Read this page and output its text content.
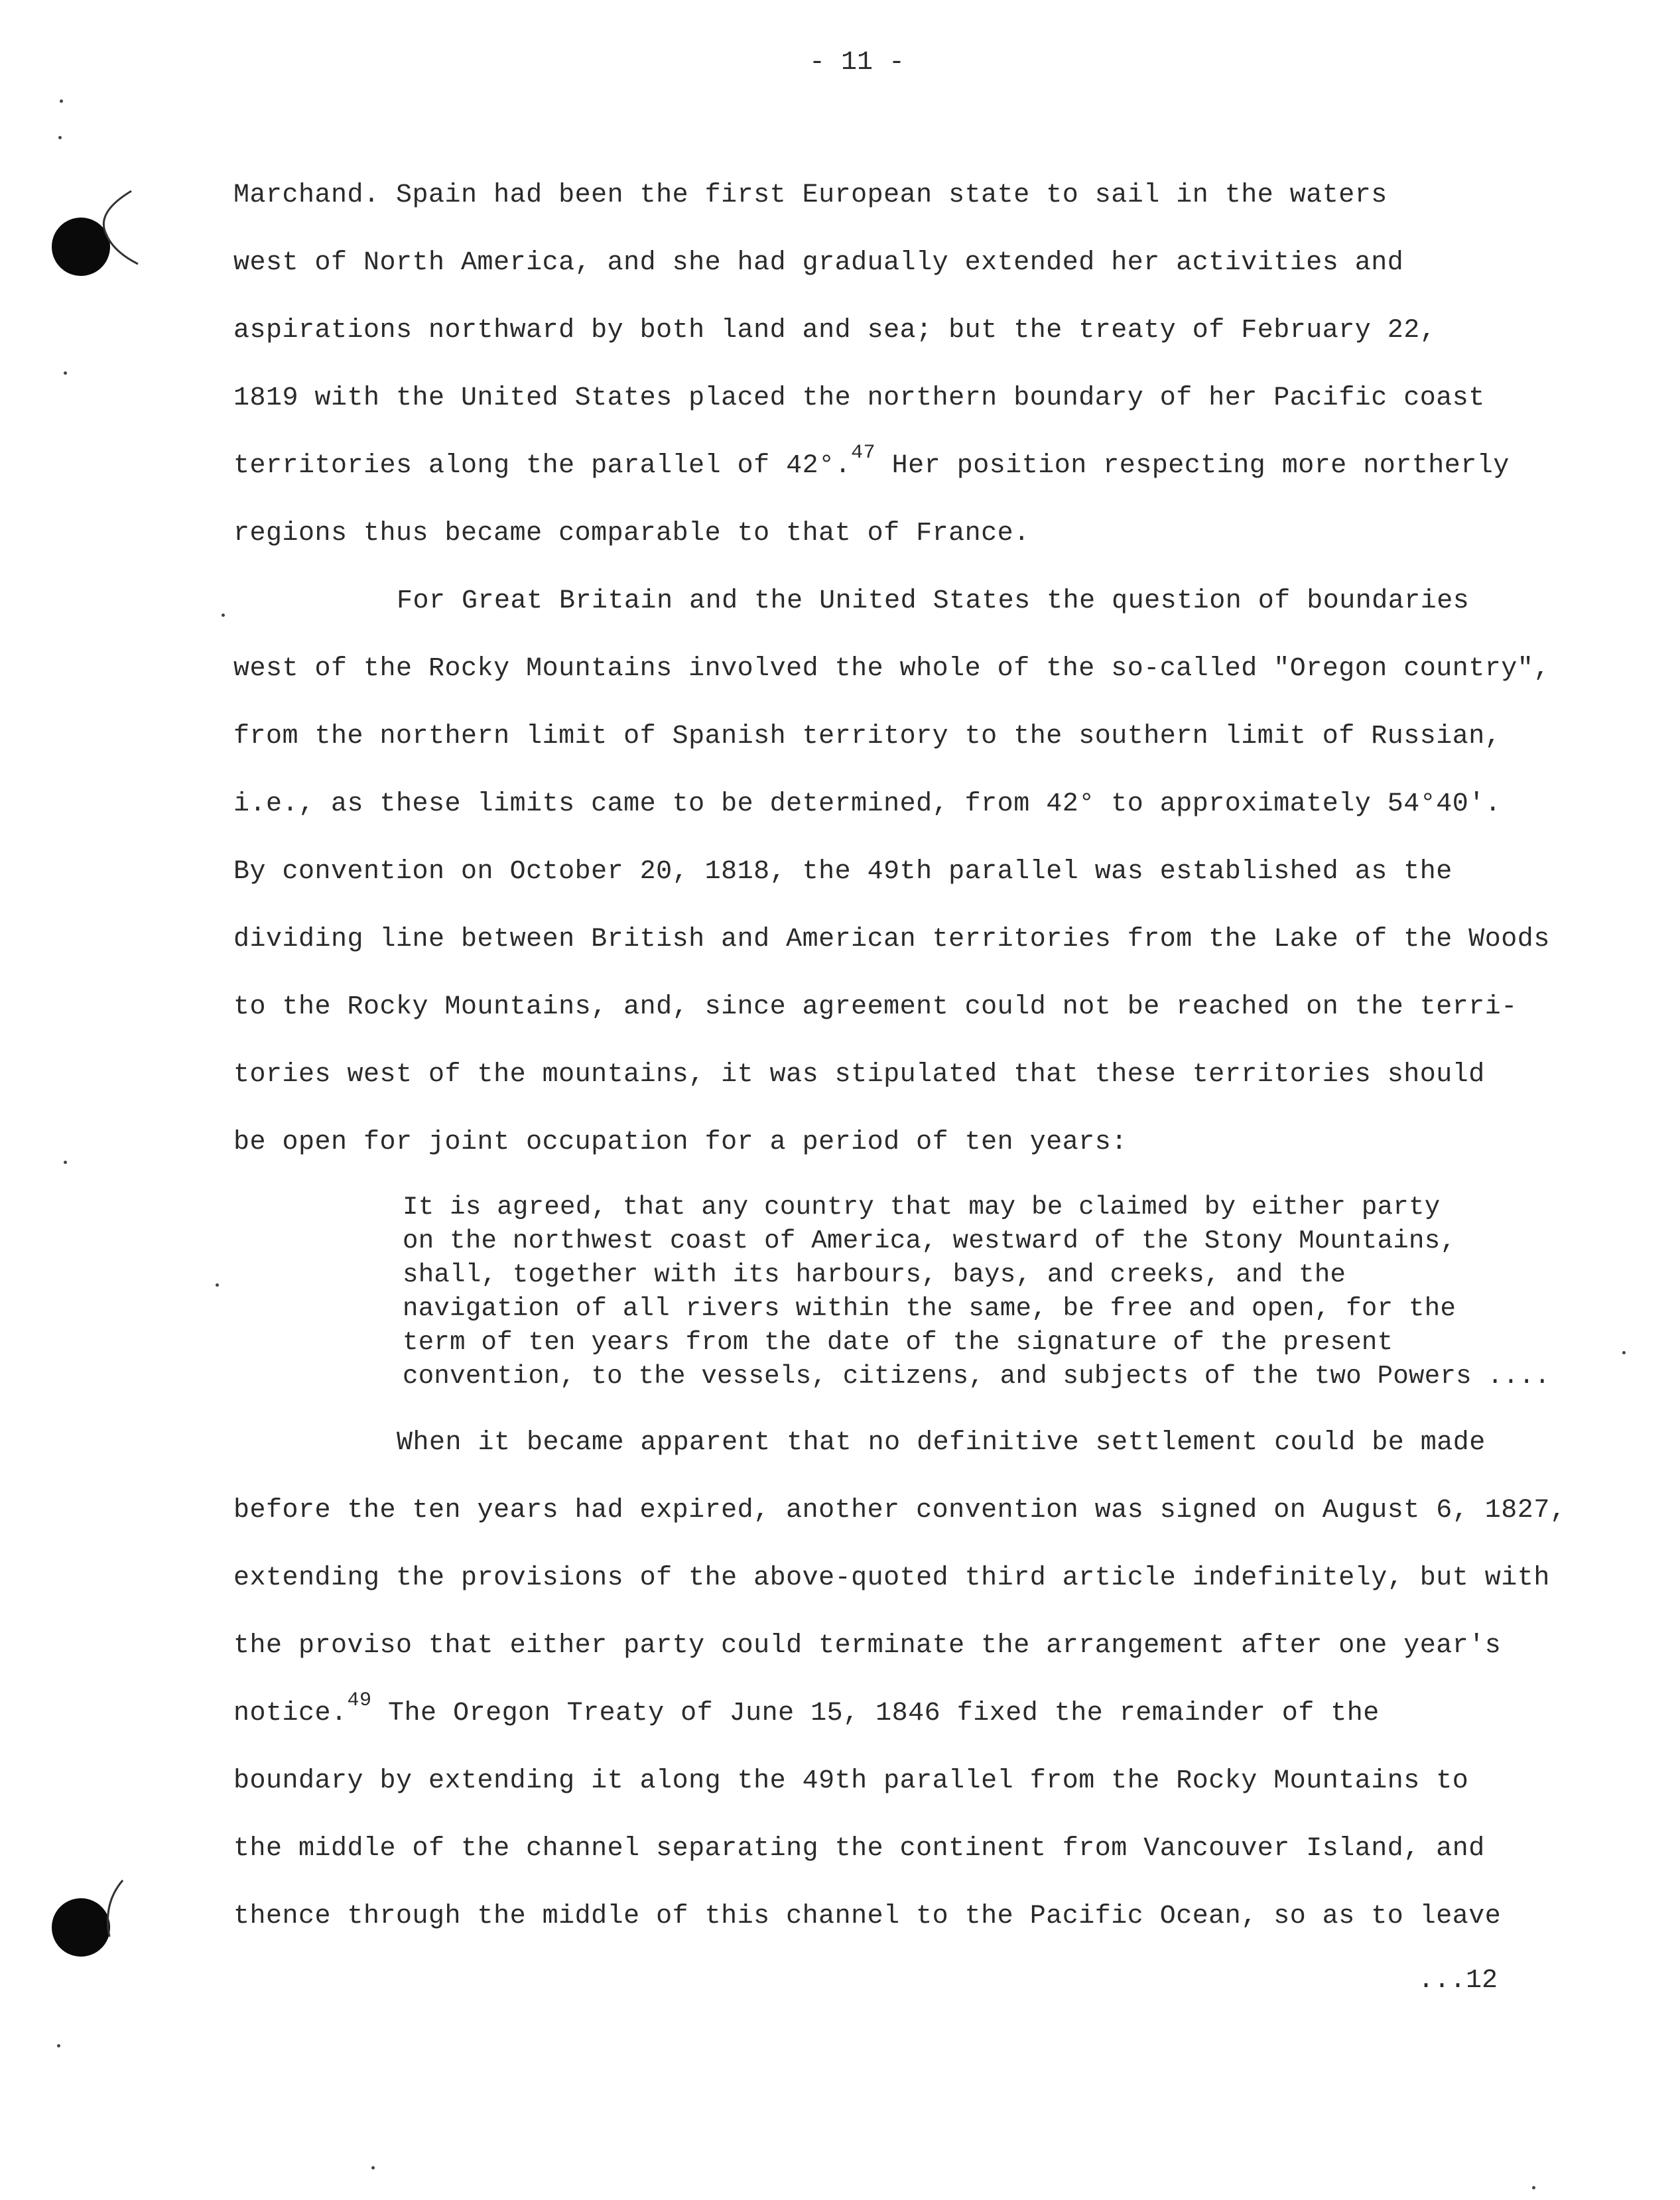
- 11 -
Marchand. Spain had been the first European state to sail in the waters
west of North America, and she had gradually extended her activities and
aspirations northward by both land and sea; but the treaty of February 22,
1819 with the United States placed the northern boundary of her Pacific coast
territories along the parallel of 42°.$^{47}$ Her position respecting more northerly
regions thus became comparable to that of France.
For Great Britain and the United States the question of boundaries
west of the Rocky Mountains involved the whole of the so-called "Oregon country",
from the northern limit of Spanish territory to the southern limit of Russian,
i.e., as these limits came to be determined, from 42° to approximately 54°40'.
By convention on October 20, 1818, the 49th parallel was established as the
dividing line between British and American territories from the Lake of the Woods
to the Rocky Mountains, and, since agreement could not be reached on the terri-
tories west of the mountains, it was stipulated that these territories should
be open for joint occupation for a period of ten years:
It is agreed, that any country that may be claimed by either party
on the northwest coast of America, westward of the Stony Mountains,
shall, together with its harbours, bays, and creeks, and the
navigation of all rivers within the same, be free and open, for the
term of ten years from the date of the signature of the present
convention, to the vessels, citizens, and subjects of the two Powers ....
When it became apparent that no definitive settlement could be made
before the ten years had expired, another convention was signed on August 6, 1827,
extending the provisions of the above-quoted third article indefinitely, but with
the proviso that either party could terminate the arrangement after one year's
notice.$^{49}$ The Oregon Treaty of June 15, 1846 fixed the remainder of the
boundary by extending it along the 49th parallel from the Rocky Mountains to
the middle of the channel separating the continent from Vancouver Island, and
thence through the middle of this channel to the Pacific Ocean, so as to leave
...12
